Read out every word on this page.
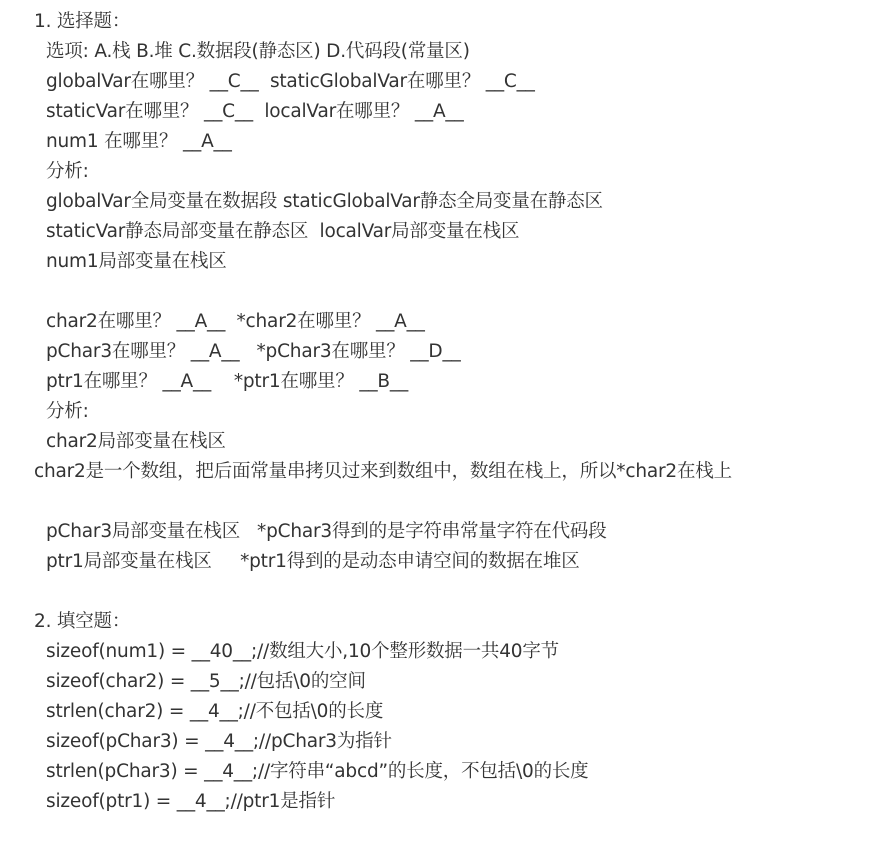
1. 选择题：
选项: A.栈 B.堆 C.数据段(静态区) D.代码段(常量区)
globalVar在哪里？ __C__  staticGlobalVar在哪里？ __C__
staticVar在哪里？ __C__  localVar在哪里？ __A__
num1 在哪里？ __A__
分析:
globalVar全局变量在数据段 staticGlobalVar静态全局变量在静态区
staticVar静态局部变量在静态区  localVar局部变量在栈区
num1局部变量在栈区
char2在哪里？ __A__  *char2在哪里？ __A__
pChar3在哪里？ __A__   *pChar3在哪里？ __D__
ptr1在哪里？ __A__    *ptr1在哪里？ __B__
分析:
char2局部变量在栈区
char2是一个数组，把后面常量串拷贝过来到数组中，数组在栈上，所以*char2在栈上
pChar3局部变量在栈区   *pChar3得到的是字符串常量字符在代码段
ptr1局部变量在栈区     *ptr1得到的是动态申请空间的数据在堆区
2. 填空题：
sizeof(num1) = __40__;//数组大小,10个整形数据一共40字节
sizeof(char2) = __5__;//包括\0的空间
strlen(char2) = __4__;//不包括\0的长度
sizeof(pChar3) = __4__;//pChar3为指针
strlen(pChar3) = __4__;//字符串“abcd”的长度，不包括\0的长度
sizeof(ptr1) = __4__;//ptr1是指针
